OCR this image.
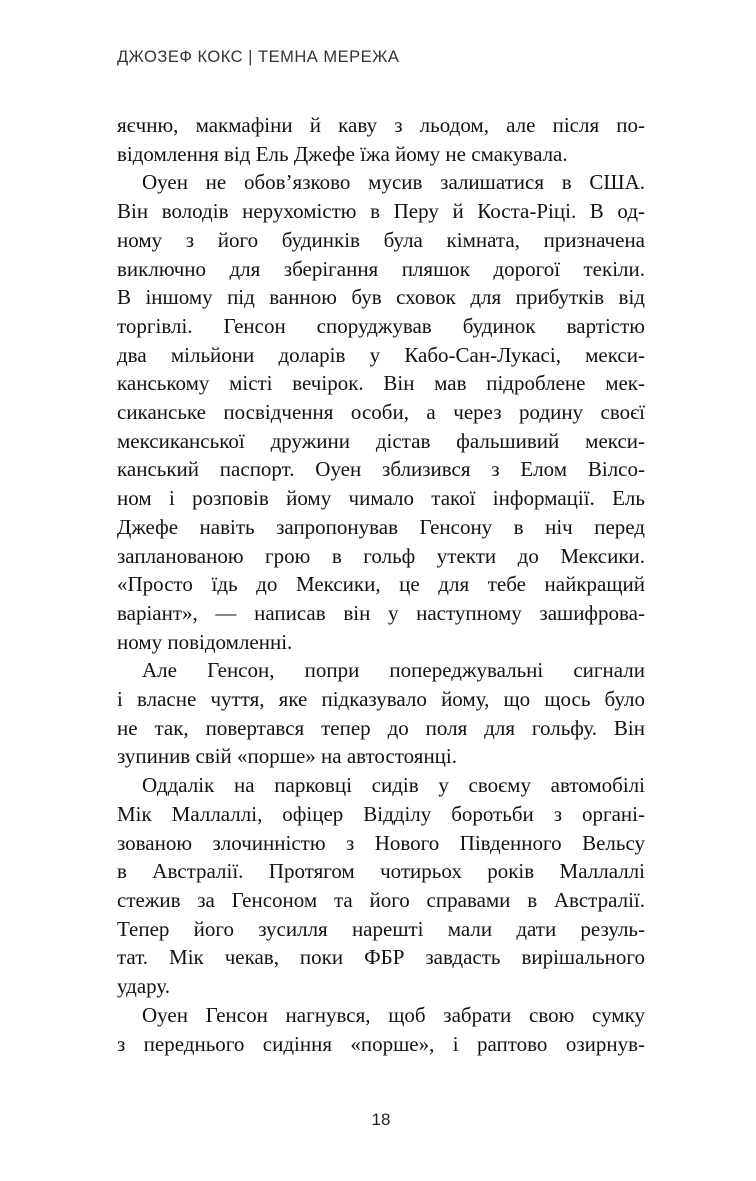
ДЖОЗЕФ КОКС | ТЕМНА МЕРЕЖА
яєчню, макмафіни й каву з льодом, але після по-
відомлення від Ель Джефе їжа йому не смакувала.
Оуен не обов’язково мусив залишатися в США.
Він володів нерухомістю в Перу й Коста-Ріці. В од-
ному з його будинків була кімната, призначена
виключно для зберігання пляшок дорогої текіли.
В іншому під ванною був сховок для прибутків від
торгівлі. Генсон споруджував будинок вартістю
два мільйони доларів у Кабо-Сан-Лукасі, мекси-
канському місті вечірок. Він мав підроблене мек-
сиканське посвідчення особи, а через родину своєї
мексиканської дружини дістав фальшивий мекси-
канський паспорт. Оуен зблизився з Елом Вілсо-
ном і розповів йому чимало такої інформації. Ель
Джефе навіть запропонував Генсону в ніч перед
запланованою грою в гольф утекти до Мексики.
«Просто їдь до Мексики, це для тебе найкращий
варіант», — написав він у наступному зашифрова-
ному повідомленні.
Але Генсон, попри попереджувальні сигнали
і власне чуття, яке підказувало йому, що щось було
не так, повертався тепер до поля для гольфу. Він
зупинив свій «порше» на автостоянці.
Оддалік на парковці сидів у своєму автомобілі
Мік Маллаллі, офіцер Відділу боротьби з органі-
зованою злочинністю з Нового Південного Вельсу
в Австралії. Протягом чотирьох років Маллаллі
стежив за Генсоном та його справами в Австралії.
Тепер його зусилля нарешті мали дати резуль-
тат. Мік чекав, поки ФБР завдасть вирішального
удару.
Оуен Генсон нагнувся, щоб забрати свою сумку
з переднього сидіння «порше», і раптово озирнув-
18
